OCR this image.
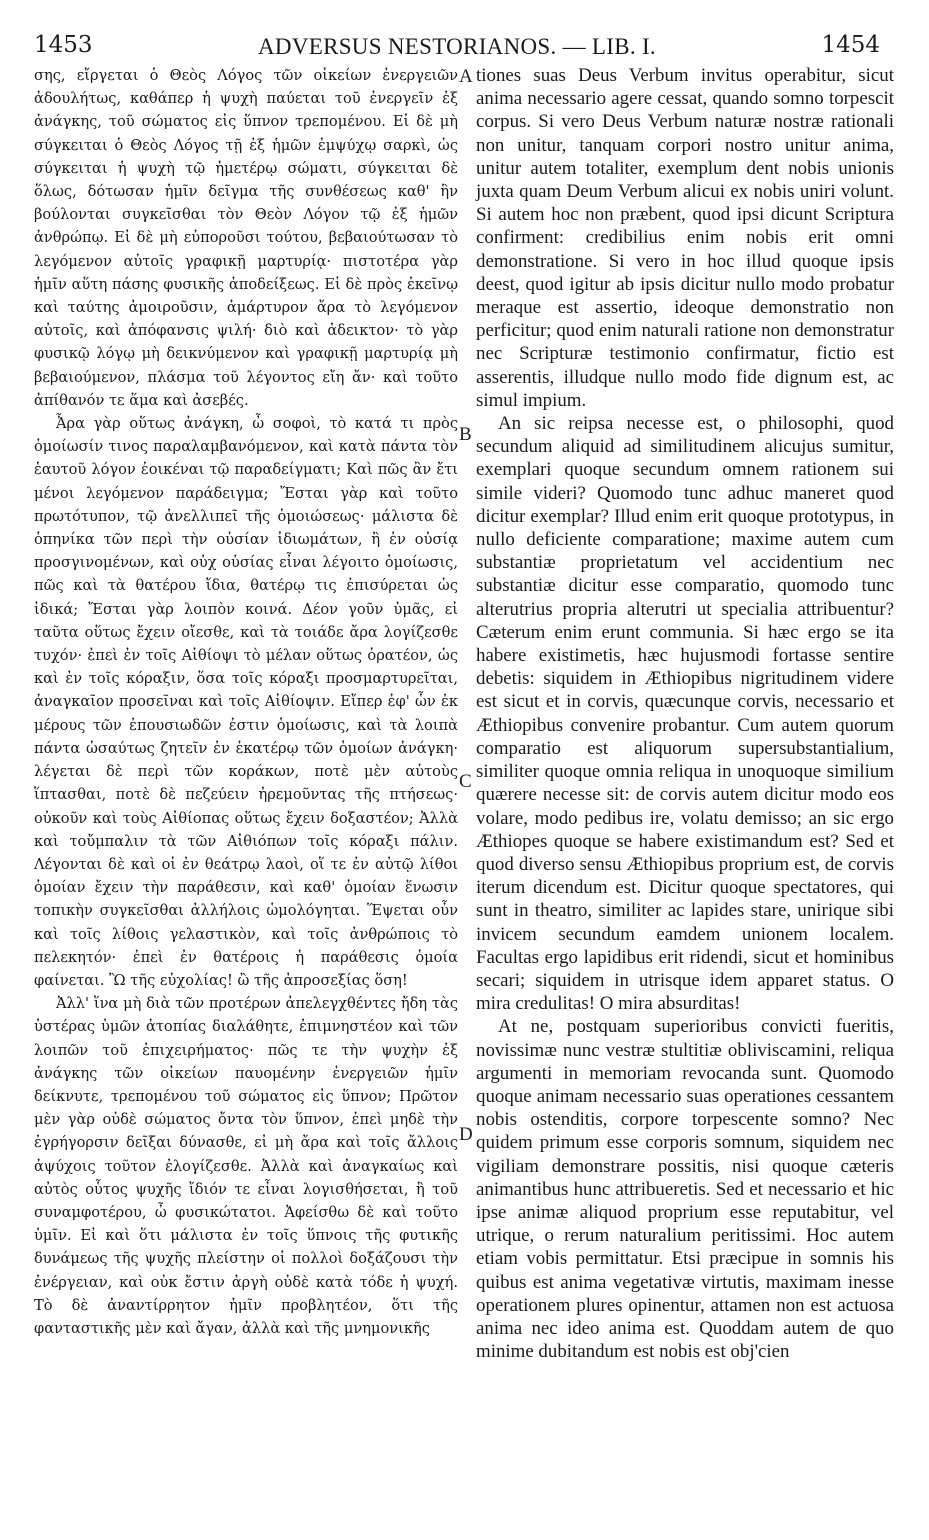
1453	ADVERSUS NESTORIANOS. — LIB. I.	1454

σης, εἴργεται ὁ Θεὸς Λόγος τῶν οἰκείων ἐνεργειῶν ἀδουλήτως, καθάπερ ἡ ψυχὴ παύεται τοῦ ἐνεργεῖν ἐξ ἀνάγκης, τοῦ σώματος εἰς ὕπνον τρεπομένου. Εἰ δὲ μὴ σύγκειται ὁ Θεὸς Λόγος τῇ ἐξ ἡμῶν ἐμψύχῳ σαρκὶ, ὡς σύγκειται ἡ ψυχὴ τῷ ἡμετέρῳ σώματι, σύγκειται δὲ ὅλως, δότωσαν ἡμῖν δεῖγμα τῆς συνθέσεως καθ' ἣν βούλονται συγκεῖσθαι τὸν Θεὸν Λόγον τῷ ἐξ ἡμῶν ἀνθρώπῳ. Εἰ δὲ μὴ εὐποροῦσι τούτου, βεβαιούτωσαν τὸ λεγόμενον αὐτοῖς γραφικῇ μαρτυρίᾳ· πιστοτέρα γὰρ ἡμῖν αὕτη πάσης φυσικῆς ἀποδείξεως. Εἰ δὲ πρὸς ἐκεῖνῳ καὶ ταύτης ἀμοιροῦσιν, ἀμάρτυρον ἄρα τὸ λεγόμενον αὐτοῖς, καὶ ἀπόφανσις ψιλή· διὸ καὶ ἀδεικτον· τὸ γὰρ φυσικῷ λόγῳ μὴ δεικνύμενον καὶ γραφικῇ μαρτυρίᾳ μὴ βεβαιούμενον, πλάσμα τοῦ λέγοντος εἴη ἄν· καὶ τοῦτο ἀπίθανόν τε ἅμα καὶ ἀσεβές.

Ἆρα γὰρ οὕτως ἀνάγκη, ὦ σοφοὶ, τὸ κατά τι πρὸς ὁμοίωσίν τινος παραλαμβανόμενον, καὶ κατὰ πάντα τὸν ἑαυτοῦ λόγον ἐοικέναι τῷ παραδείγματι; Καὶ πῶς ἂν ἔτι μένοι λεγόμενον παράδειγμα; Ἔσται γὰρ καὶ τοῦτο πρωτότυπον, τῷ ἀνελλιπεῖ τῆς ὁμοιώσεως· μάλιστα δὲ ὁπηνίκα τῶν περὶ τὴν οὐσίαν ἰδιωμάτων, ἢ ἐν οὐσίᾳ προσγινομένων, καὶ οὐχ οὐσίας εἶναι λέγοιτο ὁμοίωσις, πῶς καὶ τὰ θατέρου ἴδια, θατέρῳ τις ἐπισύρεται ὡς ἰδικά; Ἔσται γὰρ λοιπὸν κοινά. Δέον γοῦν ὑμᾶς, εἰ ταῦτα οὕτως ἔχειν οἴεσθε, καὶ τὰ τοιάδε ἄρα λογίζεσθε τυχόν· ἐπεὶ ἐν τοῖς Αἰθίοψι τὸ μέλαν οὕτως ὁρατέον, ὡς καὶ ἐν τοῖς κόραξιν, ὅσα τοῖς κόραξι προσμαρτυρεῖται, ἀναγκαῖον προσεῖναι καὶ τοῖς Αἰθίοψιν. Εἴπερ ἐφ' ὧν ἐκ μέρους τῶν ἐπουσιωδῶν ἐστιν ὁμοίωσις, καὶ τὰ λοιπὰ πάντα ὡσαύτως ζητεῖν ἐν ἑκατέρῳ τῶν ὁμοίων ἀνάγκη· λέγεται δὲ περὶ τῶν κοράκων, ποτὲ μὲν αὐτοὺς ἵπτασθαι, ποτὲ δὲ πεζεύειν ἠρεμοῦντας τῆς πτήσεως· οὐκοῦν καὶ τοὺς Αἰθίοπας οὕτως ἔχειν δοξαστέον; Ἀλλὰ καὶ τοὔμπαλιν τὰ τῶν Αἰθιόπων τοῖς κόραξι πάλιν. Λέγονται δὲ καὶ οἱ ἐν θεάτρῳ λαοὶ, οἵ τε ἐν αὐτῷ λίθοι ὁμοίαν ἔχειν τὴν παράθεσιν, καὶ καθ' ὁμοίαν ἕνωσιν τοπικὴν συγκεῖσθαι ἀλλήλοις ὡμολόγηται. Ἕψεται οὖν καὶ τοῖς λίθοις γελαστικὸν, καὶ τοῖς ἀνθρώποις τὸ πελεκητόν· ἐπεὶ ἐν θατέροις ἡ παράθεσις ὁμοία φαίνεται. Ὢ τῆς εὐχολίας! ὢ τῆς ἀπροσεξίας ὅση!

Ἀλλ' ἵνα μὴ διὰ τῶν προτέρων ἀπελεγχθέντες ἤδη τὰς ὑστέρας ὑμῶν ἀτοπίας διαλάθητε, ἐπιμνηστέον καὶ τῶν λοιπῶν τοῦ ἐπιχειρήματος· πῶς τε τὴν ψυχὴν ἐξ ἀνάγκης τῶν οἰκείων παυομένην ἐνεργειῶν ἡμῖν δείκνυτε, τρεπομένου τοῦ σώματος εἰς ὕπνον; Πρῶτον μὲν γὰρ οὐδὲ σώματος ὄντα τὸν ὕπνον, ἐπεὶ μηδὲ τὴν ἐγρήγορσιν δεῖξαι δύνασθε, εἰ μὴ ἄρα καὶ τοῖς ἄλλοις ἀψύχοις τοῦτον ἐλογίζεσθε. Ἀλλὰ καὶ ἀναγκαίως καὶ αὐτὸς οὗτος ψυχῆς ἴδιόν τε εἶναι λογισθήσεται, ἢ τοῦ συναμφοτέρου, ὦ φυσικώτατοι. Ἀφείσθω δὲ καὶ τοῦτο ὑμῖν. Εἰ καὶ ὅτι μάλιστα ἐν τοῖς ὕπνοις τῆς φυτικῆς δυνάμεως τῆς ψυχῆς πλείστην οἱ πολλοὶ δοξάζουσι τὴν ἐνέργειαν, καὶ οὐκ ἔστιν ἀργὴ οὐδὲ κατὰ τόδε ἡ ψυχή. Τὸ δὲ ἀναντίρρητον ἡμῖν προβλητέον, ὅτι τῆς φανταστικῆς μὲν καὶ ἄγαν, ἀλλὰ καὶ τῆς μνημονικῆς

tiones suas Deus Verbum invitus operabitur, sicut anima necessario agere cessat, quando somno torpescit corpus. Si vero Deus Verbum naturæ nostræ rationali non unitur, tanquam corpori nostro unitur anima, unitur autem totaliter, exemplum dent nobis unionis juxta quam Deum Verbum alicui ex nobis uniri volunt. Si autem hoc non præbent, quod ipsi dicunt Scriptura confirment: credibilius enim nobis erit omni demonstratione. Si vero in hoc illud quoque ipsis deest, quod igitur ab ipsis dicitur nullo modo probatur meraque est assertio, ideoque demonstratio non perficitur; quod enim naturali ratione non demonstratur nec Scripturæ testimonio confirmatur, fictio est asserentis, illudque nullo modo fide dignum est, ac simul impium.

An sic reipsa necesse est, o philosophi, quod secundum aliquid ad similitudinem alicujus sumitur, exemplari quoque secundum omnem rationem sui simile videri? Quomodo tunc adhuc maneret quod dicitur exemplar? Illud enim erit quoque prototypus, in nullo deficiente comparatione; maxime autem cum substantiæ proprietatum vel accidentium nec substantiæ dicitur esse comparatio, quomodo tunc alterutrius propria alterutri ut specialia attribuentur? Cæterum enim erunt communia. Si hæc ergo se ita habere existimetis, hæc hujusmodi fortasse sentire debetis: siquidem in Æthiopibus nigritudinem videre est sicut et in corvis, quæcunque corvis, necessario et Æthiopibus convenire probantur. Cum autem quorum comparatio est aliquorum supersubstantialium, similiter quoque omnia reliqua in unoquoque similium quærere necesse sit: de corvis autem dicitur modo eos volare, modo pedibus ire, volatu demisso; an sic ergo Æthiopes quoque se habere existimandum est? Sed et quod diverso sensu Æthiopibus proprium est, de corvis iterum dicendum est. Dicitur quoque spectatores, qui sunt in theatro, similiter ac lapides stare, unirique sibi invicem secundum eamdem unionem localem. Facultas ergo lapidibus erit ridendi, sicut et hominibus secari; siquidem in utrisque idem apparet status. O mira credulitas! O mira absurditas!

At ne, postquam superioribus convicti fueritis, novissimæ nunc vestræ stultitiæ obliviscamini, reliqua argumenti in memoriam revocanda sunt. Quomodo quoque animam necessario suas operationes cessantem nobis ostenditis, corpore torpescente somno? Nec quidem primum esse corporis somnum, siquidem nec vigiliam demonstrare possitis, nisi quoque cæteris animantibus hunc attribueretis. Sed et necessario et hic ipse animæ aliquod proprium esse reputabitur, vel utrique, o rerum naturalium peritissimi. Hoc autem etiam vobis permittatur. Etsi præcipue in somnis his quibus est anima vegetativæ virtutis, maximam inesse operationem plures opinentur, attamen non est actuosa anima nec ideo anima est. Quoddam autem de quo minime dubitandum est nobis est obj'cien

A
B
C
D
